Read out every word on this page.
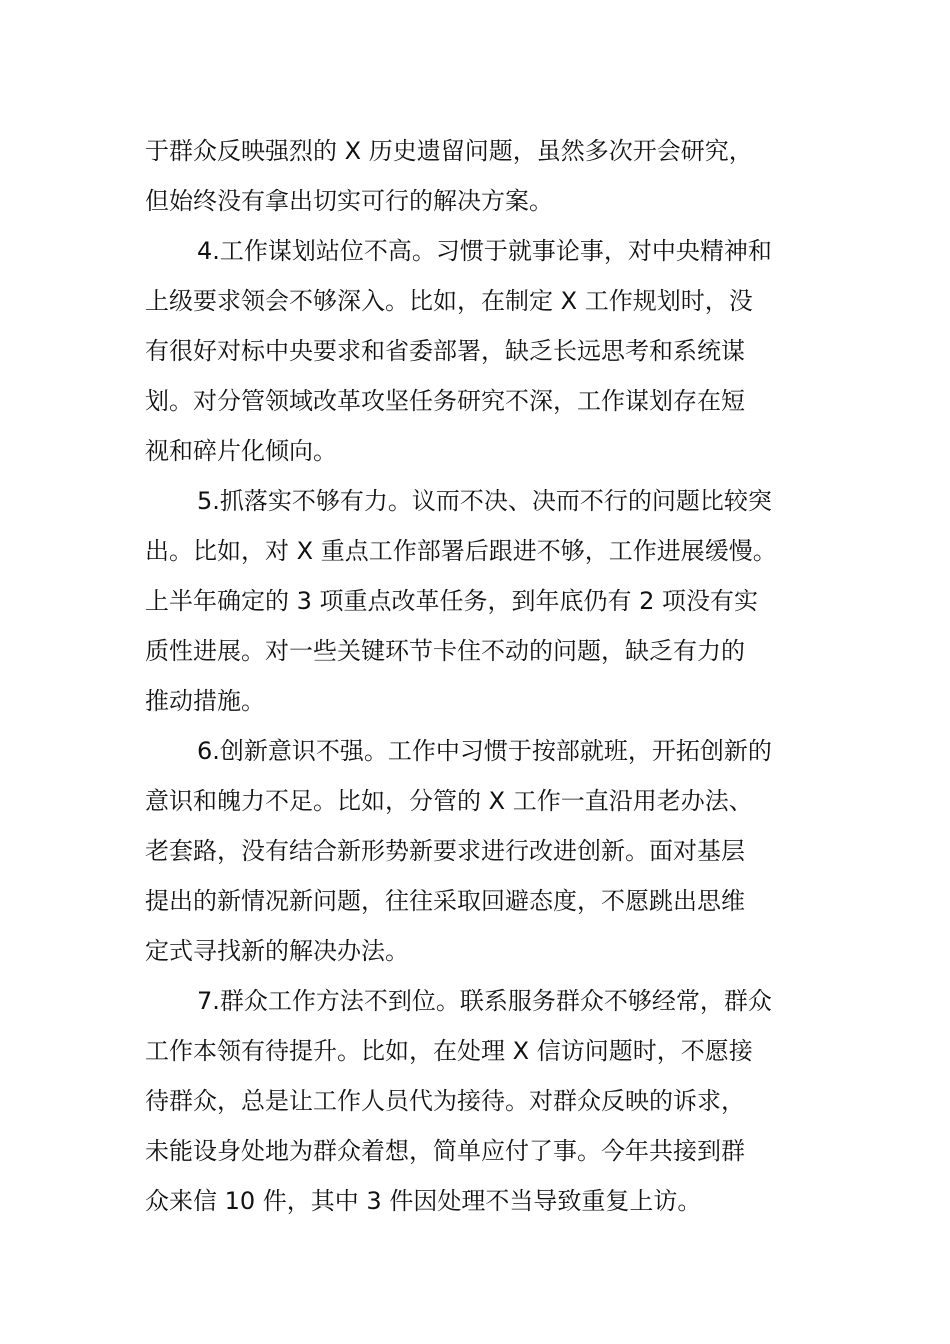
于群众反映强烈的 X 历史遗留问题，虽然多次开会研究，
但始终没有拿出切实可行的解决方案。
4.工作谋划站位不高。习惯于就事论事，对中央精神和
上级要求领会不够深入。比如，在制定 X 工作规划时，没
有很好对标中央要求和省委部署，缺乏长远思考和系统谋
划。对分管领域改革攻坚任务研究不深，工作谋划存在短
视和碎片化倾向。
5.抓落实不够有力。议而不决、决而不行的问题比较突
出。比如，对 X 重点工作部署后跟进不够，工作进展缓慢。
上半年确定的 3 项重点改革任务，到年底仍有 2 项没有实
质性进展。对一些关键环节卡住不动的问题，缺乏有力的
推动措施。
6.创新意识不强。工作中习惯于按部就班，开拓创新的
意识和魄力不足。比如，分管的 X 工作一直沿用老办法、
老套路，没有结合新形势新要求进行改进创新。面对基层
提出的新情况新问题，往往采取回避态度，不愿跳出思维
定式寻找新的解决办法。
7.群众工作方法不到位。联系服务群众不够经常，群众
工作本领有待提升。比如，在处理 X 信访问题时，不愿接
待群众，总是让工作人员代为接待。对群众反映的诉求，
未能设身处地为群众着想，简单应付了事。今年共接到群
众来信 10 件，其中 3 件因处理不当导致重复上访。
